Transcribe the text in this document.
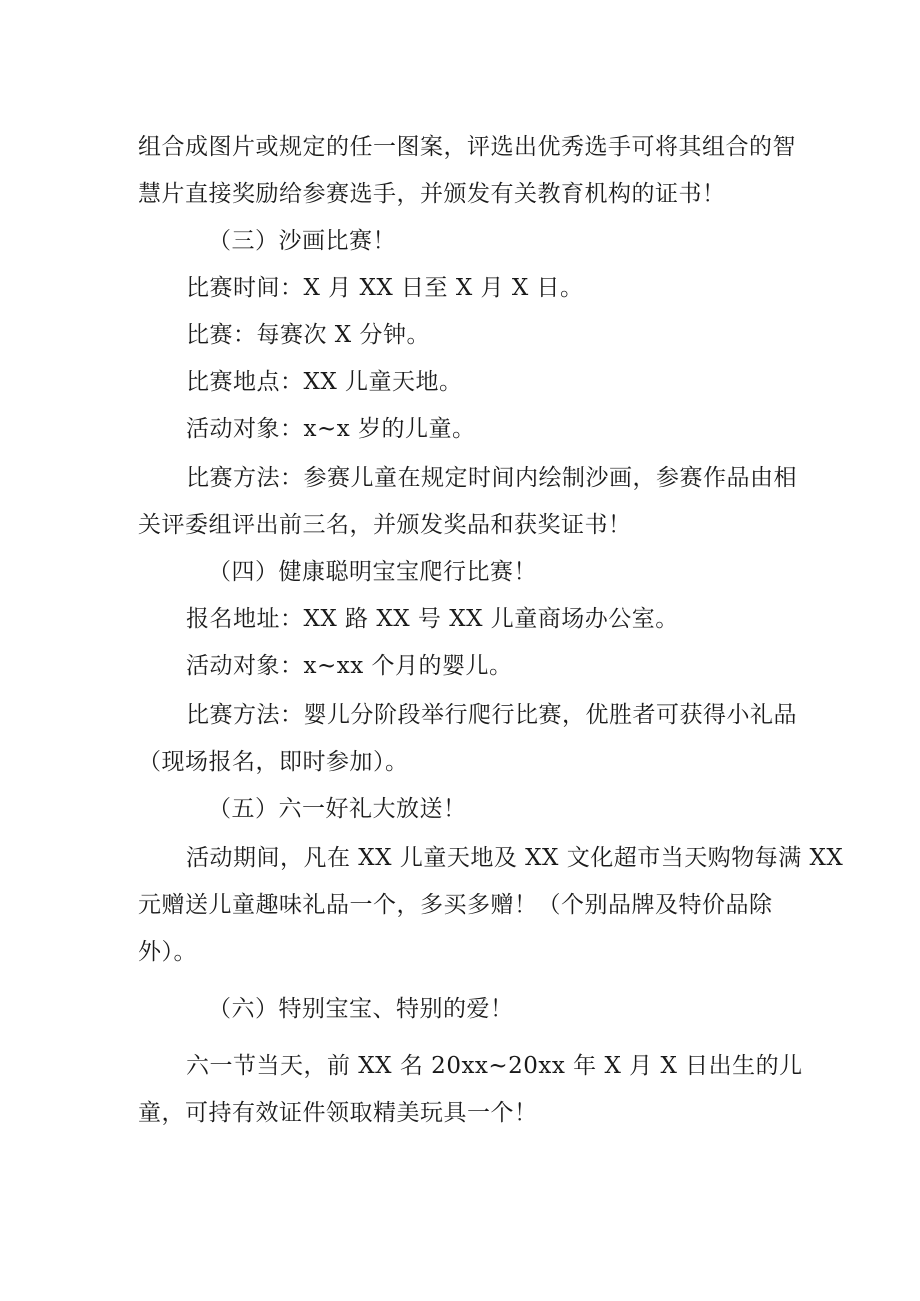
组合成图片或规定的任一图案，评选出优秀选手可将其组合的智
慧片直接奖励给参赛选手，并颁发有关教育机构的证书！
（三）沙画比赛！
比赛时间：X 月 XX 日至 X 月 X 日。
比赛：每赛次 X 分钟。
比赛地点：XX 儿童天地。
活动对象：x~x 岁的儿童。
比赛方法：参赛儿童在规定时间内绘制沙画，参赛作品由相
关评委组评出前三名，并颁发奖品和获奖证书！
（四）健康聪明宝宝爬行比赛！
报名地址：XX 路 XX 号 XX 儿童商场办公室。
活动对象：x~xx 个月的婴儿。
比赛方法：婴儿分阶段举行爬行比赛，优胜者可获得小礼品
（现场报名，即时参加）。
（五）六一好礼大放送！
活动期间，凡在 XX 儿童天地及 XX 文化超市当天购物每满 XX
元赠送儿童趣味礼品一个，多买多赠！（个别品牌及特价品除
外）。
（六）特别宝宝、特别的爱！
六一节当天，前 XX 名 20xx~20xx 年 X 月 X 日出生的儿
童，可持有效证件领取精美玩具一个！
